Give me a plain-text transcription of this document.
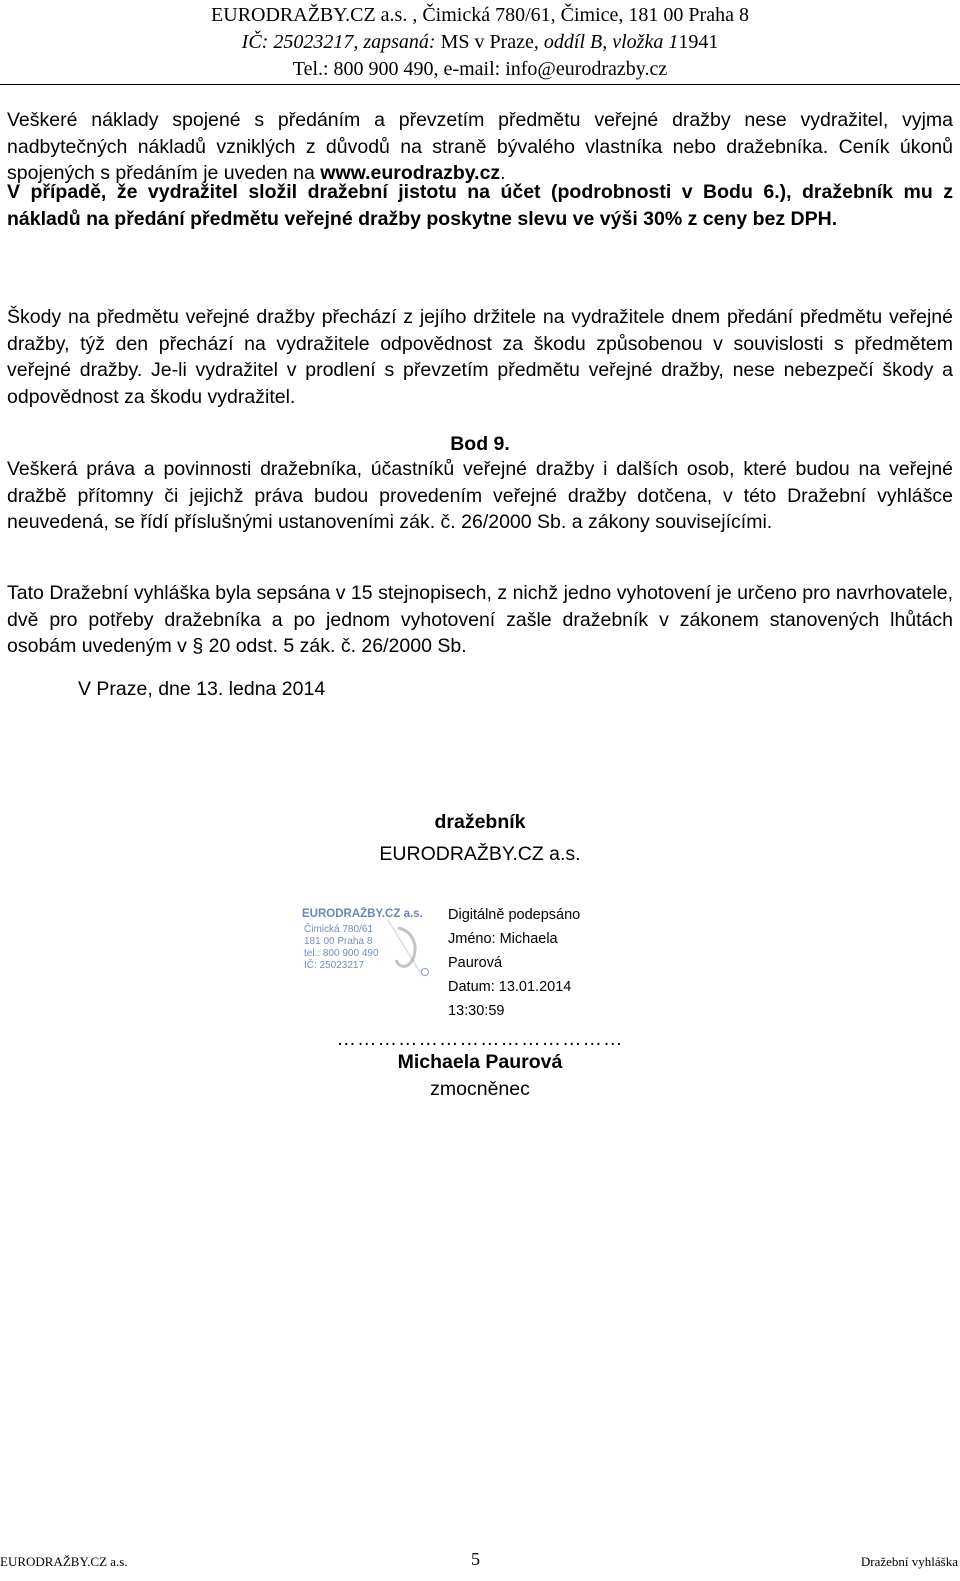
EURODRAŽBY.CZ a.s. , Čimická 780/61, Čimice, 181 00 Praha 8
IČ: 25023217, zapsaná: MS v Praze, oddíl B, vložka 11941
Tel.: 800 900 490, e-mail: info@eurodrazby.cz
Veškeré náklady spojené s předáním a převzetím předmětu veřejné dražby nese vydražitel, vyjma nadbytečných nákladů vzniklých z důvodů na straně bývalého vlastníka nebo dražebníka. Ceník úkonů spojených s předáním je uveden na www.eurodrazby.cz.
V případě, že vydražitel složil dražební jistotu na účet (podrobnosti v Bodu 6.), dražebník mu z nákladů na předání předmětu veřejné dražby poskytne slevu ve výši 30% z ceny bez DPH.
Škody na předmětu veřejné dražby přechází z jejího držitele na vydražitele dnem předání předmětu veřejné dražby, týž den přechází na vydražitele odpovědnost za škodu způsobenou v souvislosti s předmětem veřejné dražby. Je-li vydražitel v prodlení s převzetím předmětu veřejné dražby, nese nebezpečí škody a odpovědnost za škodu vydražitel.
Bod 9.
Veškerá práva a povinnosti dražebníka, účastníků veřejné dražby i dalších osob, které budou na veřejné dražbě přítomny či jejichž práva budou provedením veřejné dražby dotčena, v této Dražební vyhlášce neuvedená, se řídí příslušnými ustanoveními zák. č. 26/2000 Sb. a zákony souvisejícími.
Tato Dražební vyhláška byla sepsána v 15 stejnopisech, z nichž jedno vyhotovení je určeno pro navrhovatele, dvě pro potřeby dražebníka a po jednom vyhotovení zašle dražebník v zákonem stanovených lhůtách osobám uvedeným v § 20 odst. 5 zák. č. 26/2000 Sb.
V Praze, dne 13. ledna 2014
dražebník
EURODRAŽBY.CZ a.s.
EURODRAŽBY.CZ a.s.
Čimická 780/61
181 00 Praha 8
tel.: 800 900 490
IČ: 25023217
Digitálně podepsáno
Jméno: Michaela
Paurová
Datum: 13.01.2014
13:30:59
……………………………………
Michaela Paurová
zmocněnec
EURODRAŽBY.CZ a.s.	5	Dražební vyhláška
